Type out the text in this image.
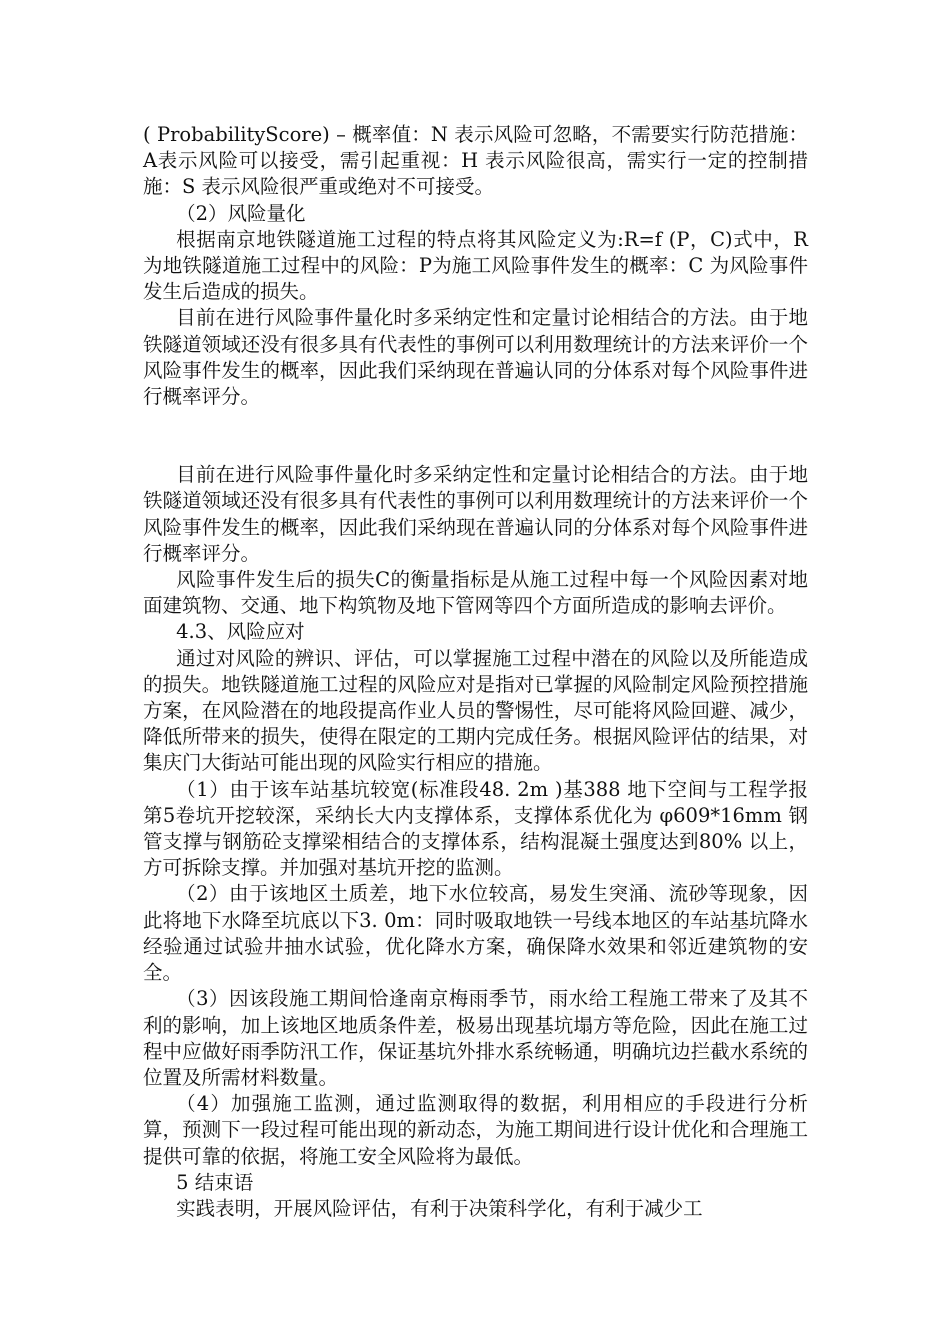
( ProbabilityScore) – 概率值：N 表示风险可忽略，不需要实行防范措施：A表示风险可以接受，需引起重视：H 表示风险很高，需实行一定的控制措施：S 表示风险很严重或绝对不可接受。

（2）风险量化

根据南京地铁隧道施工过程的特点将其风险定义为:R=f (P，C)式中，R 为地铁隧道施工过程中的风险：P为施工风险事件发生的概率：C 为风险事件发生后造成的损失。

目前在进行风险事件量化时多采纳定性和定量讨论相结合的方法。由于地铁隧道领域还没有很多具有代表性的事例可以利用数理统计的方法来评价一个风险事件发生的概率，因此我们采纳现在普遍认同的分体系对每个风险事件进行概率评分。

目前在进行风险事件量化时多采纳定性和定量讨论相结合的方法。由于地铁隧道领域还没有很多具有代表性的事例可以利用数理统计的方法来评价一个风险事件发生的概率，因此我们采纳现在普遍认同的分体系对每个风险事件进行概率评分。

风险事件发生后的损失C的衡量指标是从施工过程中每一个风险因素对地面建筑物、交通、地下构筑物及地下管网等四个方面所造成的影响去评价。

4.3、风险应对

通过对风险的辨识、评估，可以掌握施工过程中潜在的风险以及所能造成的损失。地铁隧道施工过程的风险应对是指对已掌握的风险制定风险预控措施方案，在风险潜在的地段提高作业人员的警惕性，尽可能将风险回避、减少，降低所带来的损失，使得在限定的工期内完成任务。根据风险评估的结果，对集庆门大街站可能出现的风险实行相应的措施。

（1）由于该车站基坑较宽(标准段48. 2m )基388 地下空间与工程学报 第5卷坑开挖较深，采纳长大内支撑体系，支撑体系优化为 φ609*16mm 钢管支撑与钢筋砼支撑梁相结合的支撑体系，结构混凝土强度达到80% 以上，方可拆除支撑。并加强对基坑开挖的监测。

（2）由于该地区土质差，地下水位较高，易发生突涌、流砂等现象，因此将地下水降至坑底以下3. 0m：同时吸取地铁一号线本地区的车站基坑降水经验通过试验井抽水试验，优化降水方案，确保降水效果和邻近建筑物的安全。

（3）因该段施工期间恰逢南京梅雨季节，雨水给工程施工带来了及其不利的影响，加上该地区地质条件差，极易出现基坑塌方等危险，因此在施工过程中应做好雨季防汛工作，保证基坑外排水系统畅通，明确坑边拦截水系统的位置及所需材料数量。

（4）加强施工监测，通过监测取得的数据，利用相应的手段进行分析算，预测下一段过程可能出现的新动态，为施工期间进行设计优化和合理施工提供可靠的依据，将施工安全风险将为最低。

5 结束语

实践表明，开展风险评估，有利于决策科学化，有利于减少工
